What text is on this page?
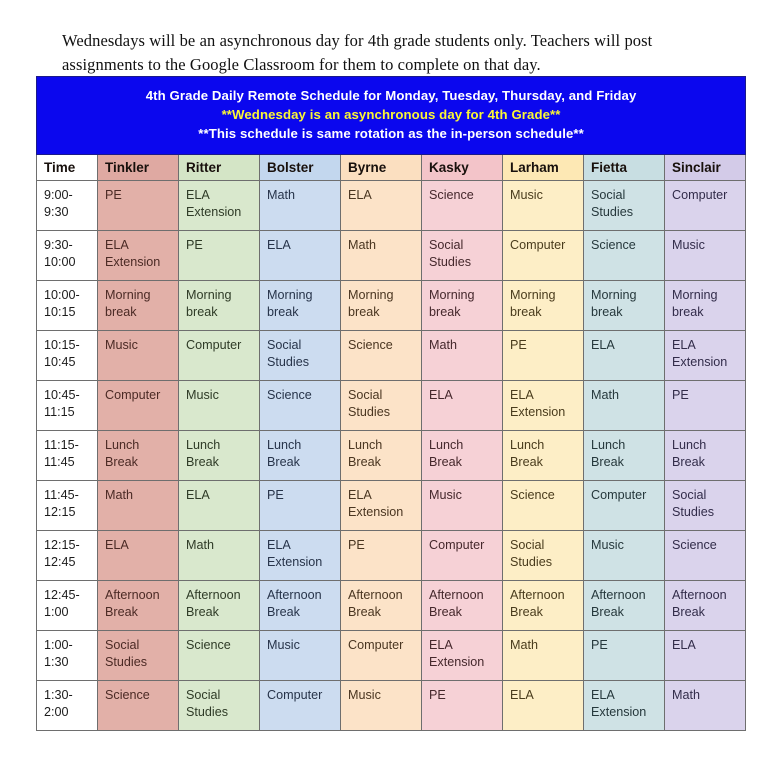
Wednesdays will be an asynchronous day for 4th grade students only. Teachers will post assignments to the Google Classroom for them to complete on that day.

4th Grade Daily Remote Schedule for Monday, Tuesday, Thursday, and Friday
**Wednesday is an asynchronous day for 4th Grade**
**This schedule is same rotation as the in-person schedule**								

Time	Tinkler	Ritter	Bolster	Byrne	Kasky	Larham	Fietta	Sinclair
9:00-9:30	PE	ELA Extension	Math	ELA	Science	Music	Social Studies	Computer
9:30-10:00	ELA Extension	PE	ELA	Math	Social Studies	Computer	Science	Music
10:00-10:15	Morning break	Morning break	Morning break	Morning break	Morning break	Morning break	Morning break	Morning break
10:15-10:45	Music	Computer	Social Studies	Science	Math	PE	ELA	ELA Extension
10:45-11:15	Computer	Music	Science	Social Studies	ELA	ELA Extension	Math	PE
11:15-11:45	Lunch Break	Lunch Break	Lunch Break	Lunch Break	Lunch Break	Lunch Break	Lunch Break	Lunch Break
11:45-12:15	Math	ELA	PE	ELA Extension	Music	Science	Computer	Social Studies
12:15-12:45	ELA	Math	ELA Extension	PE	Computer	Social Studies	Music	Science
12:45-1:00	Afternoon Break	Afternoon Break	Afternoon Break	Afternoon Break	Afternoon Break	Afternoon Break	Afternoon Break	Afternoon Break
1:00-1:30	Social Studies	Science	Music	Computer	ELA Extension	Math	PE	ELA
1:30-2:00	Science	Social Studies	Computer	Music	PE	ELA	ELA Extension	Math
